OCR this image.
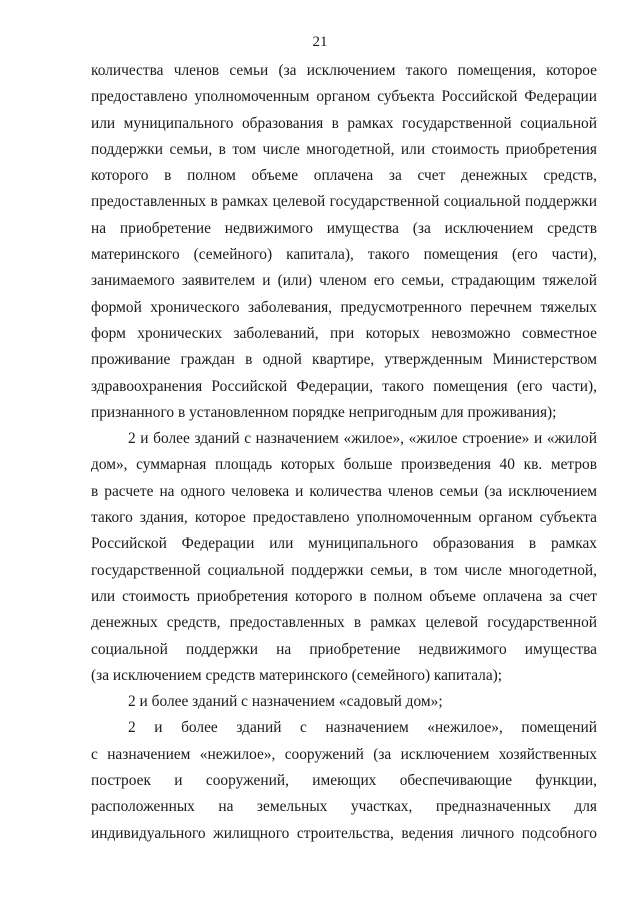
21
количества членов семьи (за исключением такого помещения, которое
предоставлено уполномоченным органом субъекта Российской Федерации
или муниципального образования в рамках государственной социальной
поддержки семьи, в том числе многодетной, или стоимость приобретения
которого в полном объеме оплачена за счет денежных средств,
предоставленных в рамках целевой государственной социальной поддержки
на приобретение недвижимого имущества (за исключением средств
материнского (семейного) капитала), такого помещения (его части),
занимаемого заявителем и (или) членом его семьи, страдающим тяжелой
формой хронического заболевания, предусмотренного перечнем тяжелых
форм хронических заболеваний, при которых невозможно совместное
проживание граждан в одной квартире, утвержденным Министерством
здравоохранения Российской Федерации, такого помещения (его части),
признанного в установленном порядке непригодным для проживания);
2 и более зданий с назначением «жилое», «жилое строение» и «жилой
дом», суммарная площадь которых больше произведения 40 кв. метров
в расчете на одного человека и количества членов семьи (за исключением
такого здания, которое предоставлено уполномоченным органом субъекта
Российской Федерации или муниципального образования в рамках
государственной социальной поддержки семьи, в том числе многодетной,
или стоимость приобретения которого в полном объеме оплачена за счет
денежных средств, предоставленных в рамках целевой государственной
социальной поддержки на приобретение недвижимого имущества
(за исключением средств материнского (семейного) капитала);
2 и более зданий с назначением «садовый дом»;
2 и более зданий с назначением «нежилое», помещений
с назначением «нежилое», сооружений (за исключением хозяйственных
построек и сооружений, имеющих обеспечивающие функции,
расположенных на земельных участках, предназначенных для
индивидуального жилищного строительства, ведения личного подсобного
